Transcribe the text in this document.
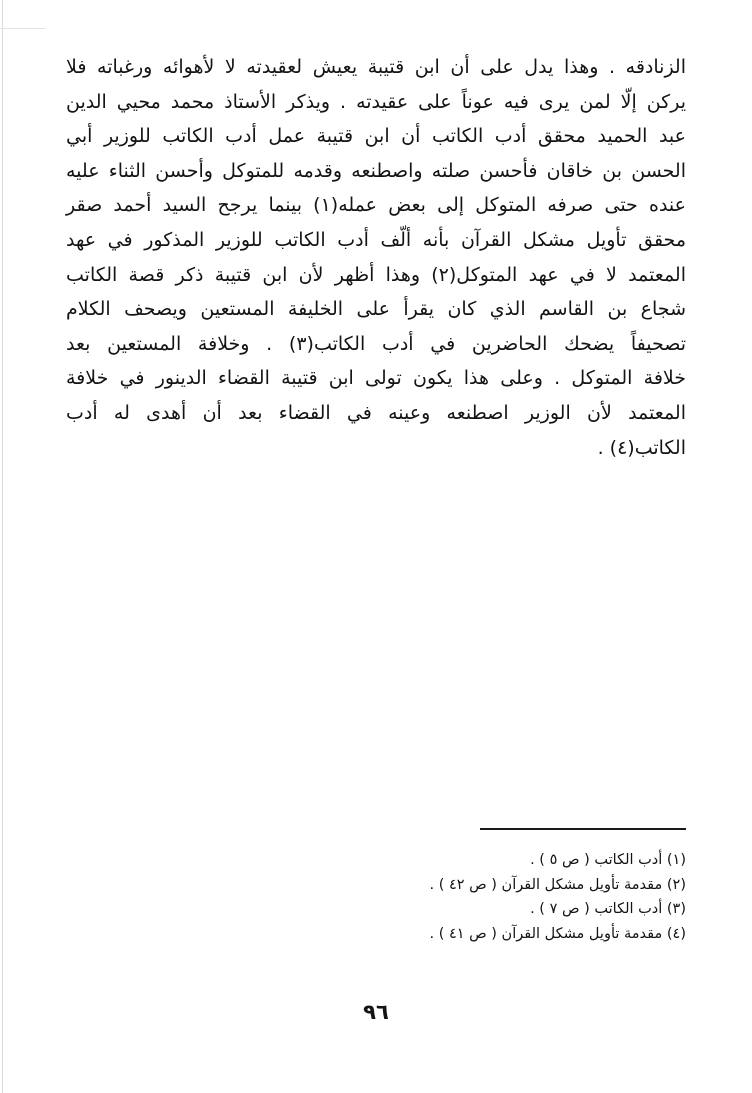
الزنادقه . وهذا يدل على أن ابن قتيبة يعيش لعقيدته لا لأهوائه ورغباته فلا
يركن إلّا لمن يرى فيه عوناً على عقيدته . ويذكر الأستاذ محمد محيي الدين
عبد الحميد محقق أدب الكاتب أن ابن قتيبة عمل أدب الكاتب للوزير أبي
الحسن بن خاقان فأحسن صلته واصطنعه وقدمه للمتوكل وأحسن الثناء عليه
عنده حتى صرفه المتوكل إلى بعض عمله(١) بينما يرجح السيد أحمد صقر
محقق تأويل مشكل القرآن بأنه ألّف أدب الكاتب للوزير المذكور في عهد
المعتمد لا في عهد المتوكل(٢) وهذا أظهر لأن ابن قتيبة ذكر قصة الكاتب
شجاع بن القاسم الذي كان يقرأ على الخليفة المستعين ويصحف الكلام
تصحيفاً يضحك الحاضرين في أدب الكاتب(٣) . وخلافة المستعين بعد
خلافة المتوكل . وعلى هذا يكون تولى ابن قتيبة القضاء الدينور في خلافة
المعتمد لأن الوزير اصطنعه وعينه في القضاء بعد أن أهدى له أدب
الكاتب(٤) .
(١) أدب الكاتب ( ص ٥ ) .
(٢) مقدمة تأويل مشكل القرآن ( ص ٤٢ ) .
(٣) أدب الكاتب ( ص ٧ ) .
(٤) مقدمة تأويل مشكل القرآن ( ص ٤١ ) .
٩٦
